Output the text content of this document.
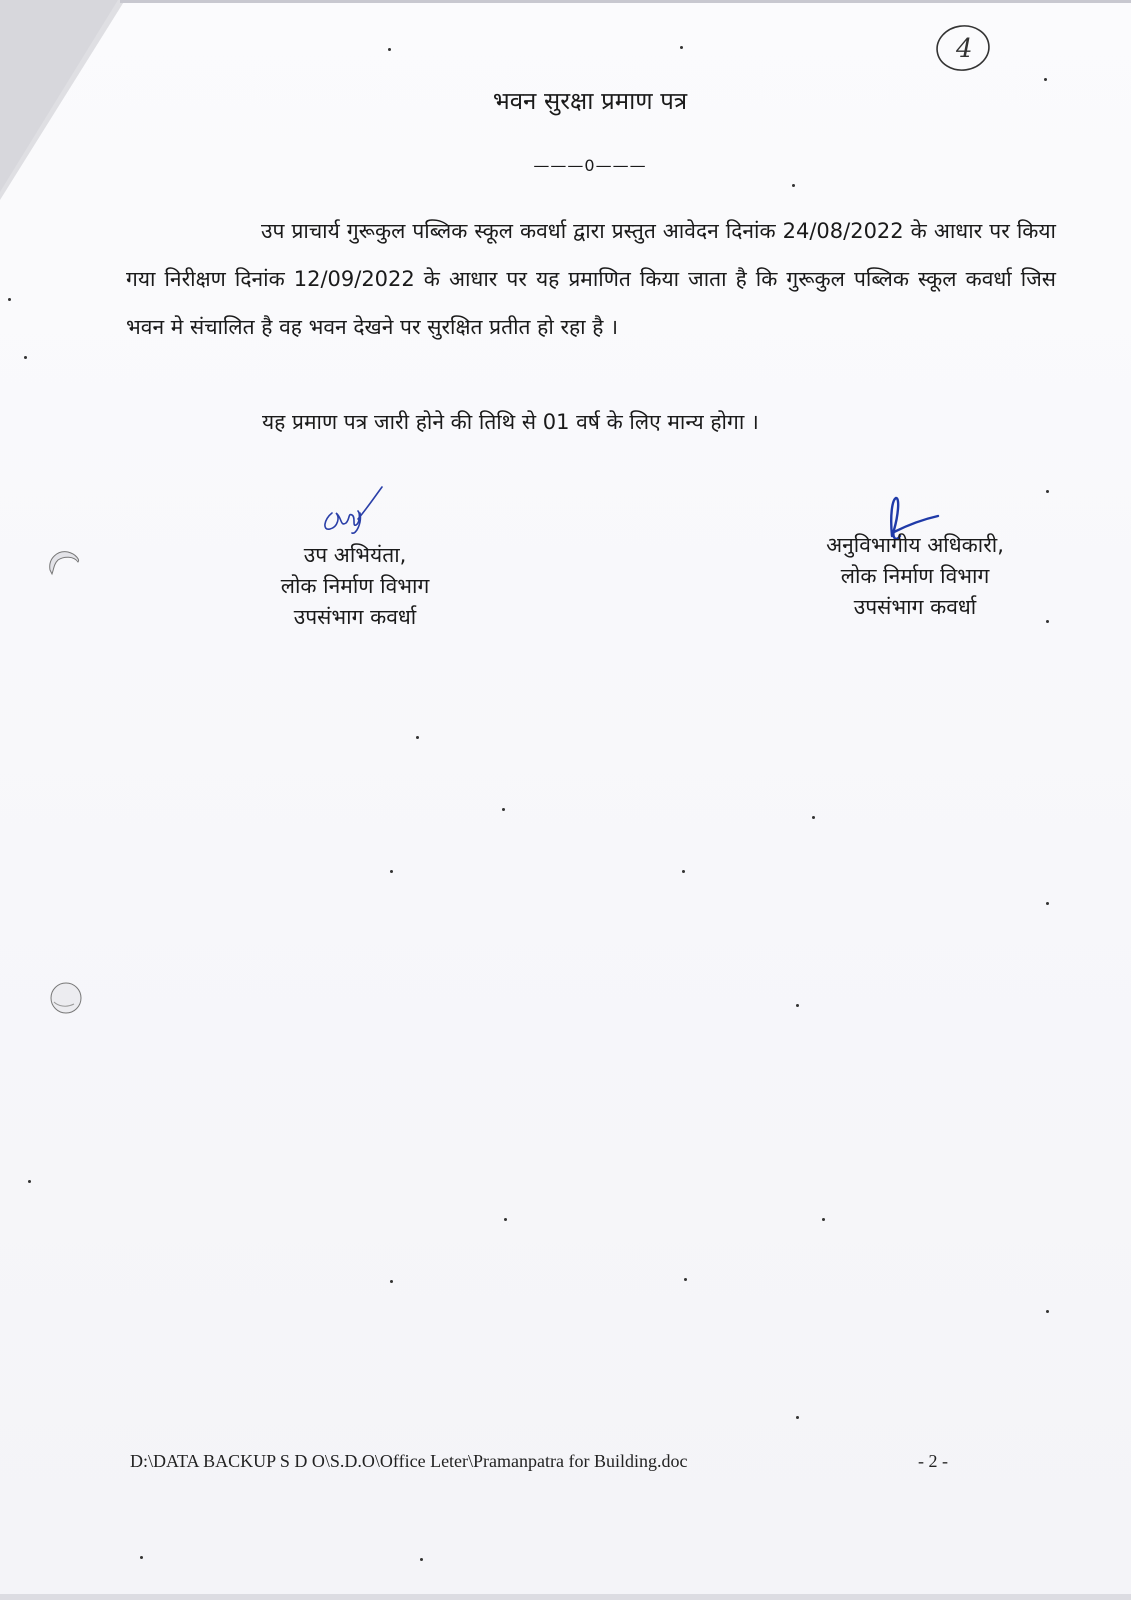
4
भवन सुरक्षा प्रमाण पत्र
———0———

उप प्राचार्य गुरूकुल पब्लिक स्कूल कवर्धा द्वारा प्रस्तुत आवेदन दिनांक 24/08/2022 के आधार पर किया गया निरीक्षण दिनांक 12/09/2022 के आधार पर यह प्रमाणित किया जाता है कि गुरूकुल पब्लिक स्कूल कवर्धा जिस भवन मे संचालित है वह भवन देखने पर सुरक्षित प्रतीत हो रहा है ।

यह प्रमाण पत्र जारी होने की तिथि से 01 वर्ष के लिए मान्य होगा ।
उप अभियंता,
लोक निर्माण विभाग
उपसंभाग कवर्धा
अनुविभागीय अधिकारी,
लोक निर्माण विभाग
उपसंभाग कवर्धा
D:\DATA BACKUP S D O\S.D.O\Office Leter\Pramanpatra for Building.doc	- 2 -
